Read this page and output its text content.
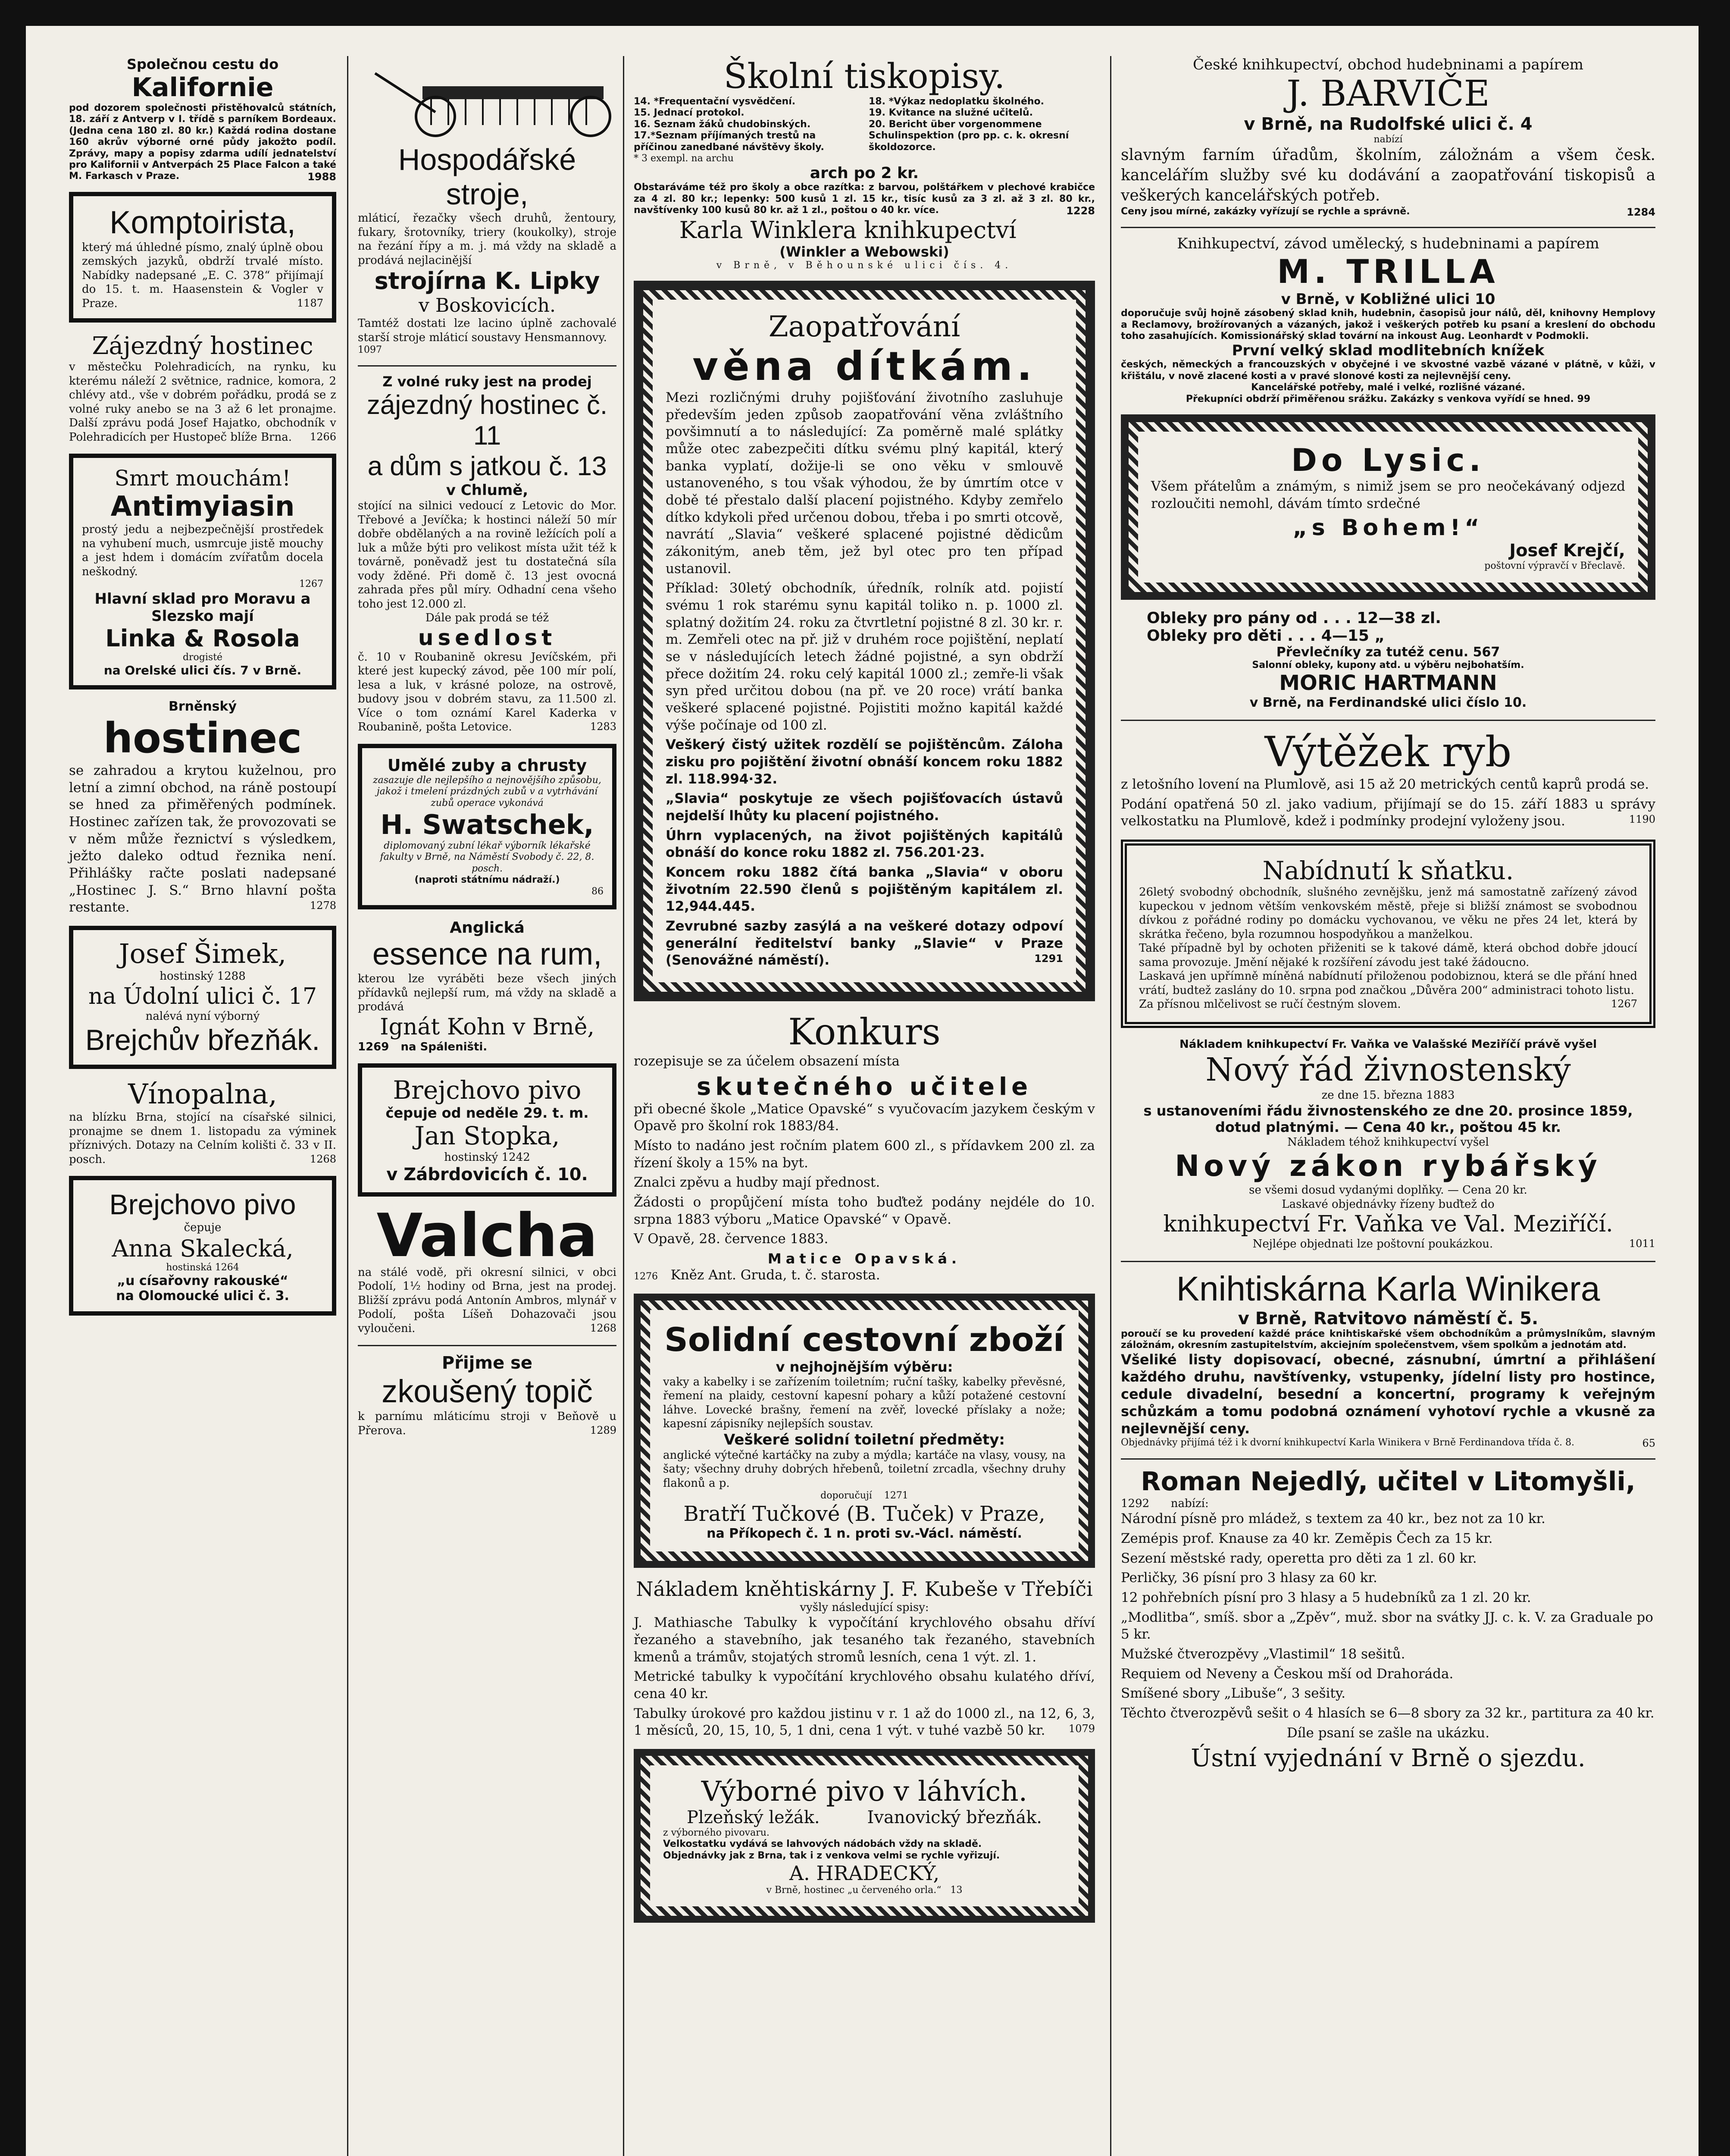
Společnou cestu do
Kalifornie
pod dozorem společnosti přistěhovalců státních, 18. září z Antverp v I. třídě s parníkem Bordeaux. (Jedna cena 180 zl. 80 kr.) Každá rodina dostane 160 akrův výborné orné půdy jakožto podíl. Zprávy, mapy a popisy zdarma udílí jednatelství pro Kalifornii v Antverpách 25 Place Falcon a také M. Farkasch v Praze.	1988
Komptoirista,
který má úhledné písmo, znalý úplně obou zemských jazyků, obdrží trvalé místo. Nabídky nadepsané „E. C. 378“ přijímají do 15. t. m. Haasenstein & Vogler v Praze.	1187
Zájezdný hostinec
v městečku Polehradicích, na rynku, ku kterému náleží 2 světnice, radnice, komora, 2 chlévy atd., vše v dobrém pořádku, prodá se z volné ruky anebo se na 3 až 6 let pronajme. Další zprávu podá Josef Hajatko, obchodník v Polehradicích per Hustopeč blíže Brna. 1266
Smrt mouchám!
Antimyiasin
prostý jedu a nejbezpečnější prostředek na vyhubení much, usmrcuje jistě mouchy a jest hdem i domácím zvířatům docela neškodný.
1267
Hlavní sklad pro Moravu a Slezsko mají
Linka & Rosola
drogisté
na Orelské ulici čís. 7 v Brně.
Brněnský
hostinec
se zahradou a krytou kuželnou, pro letní a zimní obchod, na ráně postoupí se hned za přiměřených podmínek. Hostinec zařízen tak, že provozovati se v něm může řeznictví s výsledkem, ježto daleko odtud řeznika není. Přihlášky račte poslati nadepsané „Hostinec J. S.“ Brno hlavní pošta restante.	1278
Josef Šimek,
hostinský 1288
na Údolní ulici č. 17
nalévá nyní výborný
Brejchův březňák.
Vínopalna,
na blízku Brna, stojící na císařské silnici, pronajme se dnem 1. listopadu za výminek příznivých. Dotazy na Celním kolišti č. 33 v II. posch.	1268
Brejchovo pivo
čepuje
Anna Skalecká,
hostinská 1264
„u císařovny rakouské“
na Olomoucké ulici č. 3.
Hospodářské stroje,
mláticí, řezačky všech druhů, žentoury, fukary, šrotovníky, triery (koukolky), stroje na řezání řípy a m. j. má vždy na skladě a prodává nejlacinější
strojírna K. Lipky
v Boskovicích.
Tamtéž dostati lze lacino úplně zachovalé starší stroje mláticí soustavy Hensmannovy.
1097
Z volné ruky jest na prodej
zájezdný hostinec č. 11
a dům s jatkou č. 13
v Chlumě,
stojící na silnici vedoucí z Letovic do Mor. Třebové a Jevíčka; k hostinci náleží 50 mír dobře obdělaných a na rovině ležících polí a luk a může býti pro velikost místa užit též k továrně, poněvadž jest tu dostatečná síla vody žděné. Při domě č. 13 jest ovocná zahrada přes půl míry. Odhadní cena všeho toho jest 12.000 zl.
Dále pak prodá se též
usedlost
č. 10 v Roubanině okresu Jevíčském, při které jest kupecký závod, pěe 100 mír polí, lesa a luk, v krásné poloze, na ostrově, budovy jsou v dobrém stavu, za 11.500 zl. Více o tom oznámí Karel Kaderka v Roubanině, pošta Letovice.	1283
Umělé zuby a chrusty
zasazuje dle nejlepšího a nejnovějšího způsobu, jakož i tmelení prázdných zubů v a vytrhávání zubů operace vykonává
H. Swatschek,
diplomovaný zubní lékař výborník lékařské fakulty v Brně, na Náměstí Svobody č. 22, 8. posch.
(naproti státnímu nádraží.)
86
Anglická
essence na rum,
kterou lze vyráběti beze všech jiných přídavků nejlepší rum, má vždy na skladě a prodává
Ignát Kohn v Brně,
1269 na Spáleništi.
Brejchovo pivo
čepuje od neděle 29. t. m.
Jan Stopka,
hostinský 1242
v Zábrdovicích č. 10.
Valcha
na stálé vodě, při okresní silnici, v obci Podolí, 1½ hodiny od Brna, jest na prodej. Bližší zprávu podá Antonín Ambros, mlynář v Podolí, pošta Líšeň Dohazovači jsou vyloučeni.	1268
Přijme se
zkoušený topič
k parnímu mláticímu stroji v Beňově u Přerova.	1289
Školní tiskopisy.
14. *Frequentační vysvědčení.
15. Jednací protokol.
16. Seznam žáků chudobinských.
17.*Seznam příjímaných trestů na příčinou zanedbané návštěvy školy.
18. *Výkaz nedoplatku školného.
19. Kvitance na služné učitelů.
20. Bericht über vorgenommene Schulinspektion (pro pp. c. k. okresní školdozorce.
* 3 exempl. na archu
arch po 2 kr.
Obstaráváme též pro školy a obce razítka: z barvou, polštářkem v plechové krabičce za 4 zl. 80 kr.; lepenky: 500 kusů 1 zl. 15 kr., tisíc kusů za 3 zl. až 3 zl. 80 kr., navštívenky 100 kusů 80 kr. až 1 zl., poštou o 40 kr. více.	1228
Karla Winklera knihkupectví
(Winkler a Webowski)
v Brně, v Běhounské ulici čís. 4.
Zaopatřování
věna dítkám.
Mezi rozličnými druhy pojišťování životního zasluhuje především jeden způsob zaopatřování věna zvláštního povšimnutí a to následující: Za poměrně malé splátky může otec zabezpečiti dítku svému plný kapitál, který banka vyplatí, dožije-li se ono věku v smlouvě ustanoveného, s tou však výhodou, že by úmrtím otce v době té přestalo další placení pojistného. Kdyby zemřelo dítko kdykoli před určenou dobou, třeba i po smrti otcově, navrátí „Slavia“ veškeré splacené pojistné dědicům zákonitým, aneb těm, jež byl otec pro ten případ ustanovil.
Příklad: 30letý obchodník, úředník, rolník atd. pojistí svému 1 rok starému synu kapitál toliko n. p. 1000 zl. splatný dožitím 24. roku za čtvrtletní pojistné 8 zl. 30 kr. r. m. Zemřeli otec na př. již v druhém roce pojištění, neplatí se v následujících letech žádné pojistné, a syn obdrží přece dožitím 24. roku celý kapitál 1000 zl.; zemře-li však syn před určitou dobou (na př. ve 20 roce) vrátí banka veškeré splacené pojistné. Pojistiti možno kapitál každé výše počínaje od 100 zl.
Veškerý čistý užitek rozdělí se pojištěncům. Záloha zisku pro pojištění životní obnáší koncem roku 1882 zl. 118.994·32.
„Slavia“ poskytuje ze všech pojišťovacích ústavů nejdelší lhůty ku placení pojistného.
Úhrn vyplacených, na život pojištěných kapitálů obnáší do konce roku 1882 zl. 756.201·23.
Koncem roku 1882 čítá banka „Slavia“ v oboru životním 22.590 členů s pojištěným kapitálem zl. 12,944.445.
Zevrubné sazby zasýlá a na veškeré dotazy odpoví generální ředitelství banky „Slavie“ v Praze (Senovážné náměstí).	1291
Konkurs
rozepisuje se za účelem obsazení místa
skutečného učitele
při obecné škole „Matice Opavské“ s vyučovacím jazykem českým v Opavě pro školní rok 1883/84.
Místo to nadáno jest ročním platem 600 zl., s přídavkem 200 zl. za řízení školy a 15% na byt.
Znalci zpěvu a hudby mají přednost.
Žádosti o propůjčení místa toho buďtež podány nejdéle do 10. srpna 1883 výboru „Matice Opavské“ v Opavě.
V Opavě, 28. července 1883.
Matice Opavská.
1276 Kněz Ant. Gruda, t. č. starosta.
Solidní cestovní zboží
v nejhojnějším výběru:
vaky a kabelky i se zařízením toiletním; ruční tašky, kabelky převěsné, řemení na plaidy, cestovní kapesní pohary a kůží potažené cestovní láhve. Lovecké brašny, řemení na zvěř, lovecké příslaky a nože; kapesní zápisníky nejlepších soustav.
Veškeré solidní toiletní předměty:
anglické výtečné kartáčky na zuby a mýdla; kartáče na vlasy, vousy, na šaty; všechny druhy dobrých hřebenů, toiletní zrcadla, všechny druhy flakonů a p.
doporučují 1271
Bratří Tučkové (B. Tuček) v Praze,
na Příkopech č. 1 n. proti sv.-Václ. náměstí.
Nákladem kněhtiskárny J. F. Kubeše v Třebíči
vyšly následující spisy:
J. Mathiasche Tabulky k vypočítání krychlového obsahu dříví řezaného a stavebního, jak tesaného tak řezaného, stavebních kmenů a trámův, stojatých stromů lesních, cena 1 výt. zl. 1.
Metrické tabulky k vypočítání krychlového obsahu kulatého dříví, cena 40 kr.
Tabulky úrokové pro každou jistinu v r. 1 až do 1000 zl., na 12, 6, 3, 1 měsíců, 20, 15, 10, 5, 1 dni, cena 1 výt. v tuhé vazbě 50 kr. 1079
Výborné pivo v láhvích.
Plzeňský ležák.	Ivanovický březňák.
z výborného pivovaru.
Velkostatku vydává se lahvových nádobách vždy na skladě.
Objednávky jak z Brna, tak i z venkova velmi se rychle vyřizují.
A. HRADECKÝ,
v Brně, hostinec „u červeného orla.“ 13
České knihkupectví, obchod hudebninami a papírem
J. BARVIČE
v Brně, na Rudolfské ulici č. 4
nabízí
slavným farním úřadům, školním, záložnám a všem česk. kancelářím služby své ku dodávání a zaopatřování tiskopisů a veškerých kancelářských potřeb.
Ceny jsou mírné, zakázky vyřízují se rychle a správně.	1284
Knihkupectví, závod umělecký, s hudebninami a papírem
M. TRILLA
v Brně, v Kobližné ulici 10
doporučuje svůj hojně zásobený sklad knih, hudebnin, časopisů jour nálů, děl, knihovny Hemplovy a Reclamovy, brožírovaných a vázaných, jakož i veškerých potřeb ku psaní a kreslení do obchodu toho zasahujících. Komissionářský sklad tovární na inkoust Aug. Leonhardt v Podmokli.
První velký sklad modlitebních knížek
českých, německých a francouzských v obyčejné i ve skvostné vazbě vázané v plátně, v kůži, v křištálu, v nově zlacené kosti a v pravé slonové kosti za nejlevnější ceny.
Kancelářské potřeby, malé i velké, rozlišné vázané.
Překupníci obdrží přiměřenou srážku. Zakázky s venkova vyřídí se hned. 99
Do Lysic.
Všem přátelům a známým, s nimiž jsem se pro neočekávaný odjezd rozloučiti nemohl, dávám tímto srdečné
„s Bohem!“
Josef Krejčí,
poštovní výpravčí v Břeclavě.
Obleky pro pány od . . . 12—38 zl.
Obleky pro děti . . . 4—15 „
Převlečníky za tutéž cenu. 567
Salonní obleky, kupony atd. u výběru nejbohatším.
MORIC HARTMANN
v Brně, na Ferdinandské ulici číslo 10.
Výtěžek ryb
z letošního lovení na Plumlově, asi 15 až 20 metrických centů kaprů prodá se.
Podání opatřená 50 zl. jako vadium, přijímají se do 15. září 1883 u správy velkostatku na Plumlově, kdež i podmínky prodejní vyloženy jsou.	1190
Nabídnutí k sňatku.
26letý svobodný obchodník, slušného zevnějšku, jenž má samostatně zařízený závod kupeckou v jednom větším venkovském městě, přeje si bližší známost se svobodnou dívkou z pořádné rodiny po domácku vychovanou, ve věku ne přes 24 let, která by skrátka řečeno, byla rozumnou hospodyňkou a manželkou.
Také případně byl by ochoten přiženiti se k takové dámě, která obchod dobře jdoucí sama provozuje. Jmění nějaké k rozšíření závodu jest také žádoucno.
Laskavá jen upřímně míněná nabídnutí přiloženou podobiznou, která se dle přání hned vrátí, budtež zaslány do 10. srpna pod značkou „Důvěra 200“ administraci tohoto listu.
Za přísnou mlčelivost se ručí čestným slovem.	1267
Nákladem knihkupectví Fr. Vaňka ve Valašské Meziříčí právě vyšel
Nový řád živnostenský
ze dne 15. března 1883
s ustanoveními řádu živnostenského ze dne 20. prosince 1859, dotud platnými. — Cena 40 kr., poštou 45 kr.
Nákladem téhož knihkupectví vyšel
Nový zákon rybářský
se všemi dosud vydanými doplňky. — Cena 20 kr.
Laskavé objednávky řízeny buďtež do
knihkupectví Fr. Vaňka ve Val. Meziříčí.
Nejlépe objednati lze poštovní poukázkou.	1011
Knihtiskárna Karla Winikera
v Brně, Ratvitovo náměstí č. 5.
poroučí se ku provedení každé práce knihtiskařské všem obchodníkům a průmyslníkům, slavným záložnám, okresním zastupitelstvím, akciejním společenstvem, všem spolkům a jednotám atd.
Všeliké listy dopisovací, obecné, zásnubní, úmrtní a přihlášení každého druhu, navštívenky, vstupenky, jídelní listy pro hostince, cedule divadelní, besední a koncertní, programy k veřejným schůzkám a tomu podobná oznámení vyhotoví rychle a vkusně za nejlevnější ceny.
Objednávky přijímá též i k dvorní knihkupectví Karla Winikera v Brně Ferdinandova třída č. 8.	65
Roman Nejedlý, učitel v Litomyšli,
1292 nabízí:
Národní písně pro mládež, s textem za 40 kr., bez not za 10 kr.
Zemépis prof. Knause za 40 kr. Zeměpis Čech za 15 kr.
Sezení městské rady, operetta pro děti za 1 zl. 60 kr.
Perličky, 36 písní pro 3 hlasy za 60 kr.
12 pohřebních písní pro 3 hlasy a 5 hudebníků za 1 zl. 20 kr.
„Modlitba“, smíš. sbor a „Zpěv“, muž. sbor na svátky JJ. c. k. V. za Graduale po 5 kr.
Mužské čtverozpěvy „Vlastimil“ 18 sešitů.
Requiem od Neveny a Českou mší od Drahoráda.
Smíšené sbory „Libuše“, 3 sešity.
Těchto čtverozpěvů sešit o 4 hlasích se 6—8 sbory za 32 kr., partitura za 40 kr.
Díle psaní se zašle na ukázku.
Ústní vyjednání v Brně o sjezdu.
